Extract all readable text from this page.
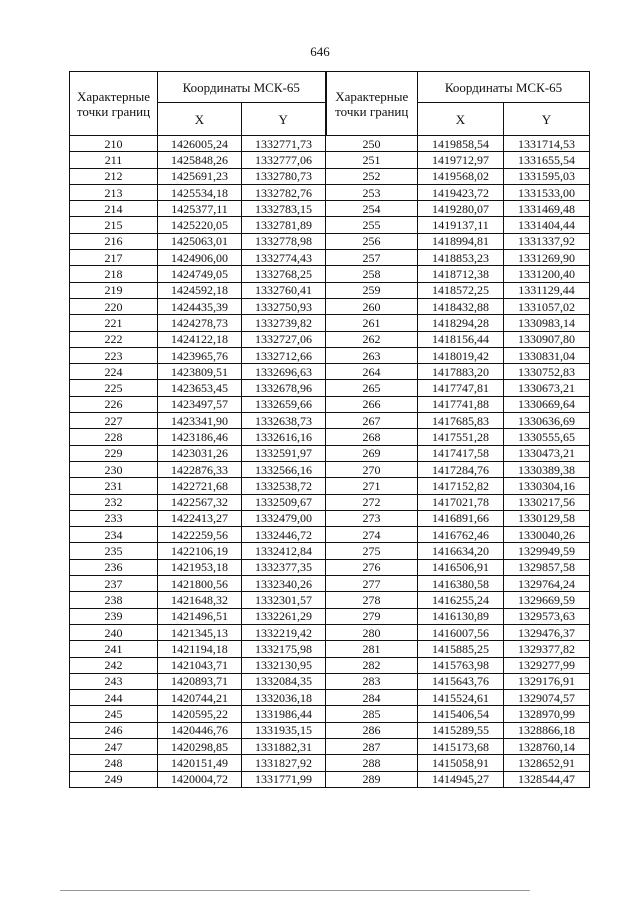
646
Характерные точки границ	Координаты МСК-65		Характерные точки границ	Координаты МСК-65	
	X	Y		X	Y
210	1426005,24	1332771,73	250	1419858,54	1331714,53
211	1425848,26	1332777,06	251	1419712,97	1331655,54
212	1425691,23	1332780,73	252	1419568,02	1331595,03
213	1425534,18	1332782,76	253	1419423,72	1331533,00
214	1425377,11	1332783,15	254	1419280,07	1331469,48
215	1425220,05	1332781,89	255	1419137,11	1331404,44
216	1425063,01	1332778,98	256	1418994,81	1331337,92
217	1424906,00	1332774,43	257	1418853,23	1331269,90
218	1424749,05	1332768,25	258	1418712,38	1331200,40
219	1424592,18	1332760,41	259	1418572,25	1331129,44
220	1424435,39	1332750,93	260	1418432,88	1331057,02
221	1424278,73	1332739,82	261	1418294,28	1330983,14
222	1424122,18	1332727,06	262	1418156,44	1330907,80
223	1423965,76	1332712,66	263	1418019,42	1330831,04
224	1423809,51	1332696,63	264	1417883,20	1330752,83
225	1423653,45	1332678,96	265	1417747,81	1330673,21
226	1423497,57	1332659,66	266	1417741,88	1330669,64
227	1423341,90	1332638,73	267	1417685,83	1330636,69
228	1423186,46	1332616,16	268	1417551,28	1330555,65
229	1423031,26	1332591,97	269	1417417,58	1330473,21
230	1422876,33	1332566,16	270	1417284,76	1330389,38
231	1422721,68	1332538,72	271	1417152,82	1330304,16
232	1422567,32	1332509,67	272	1417021,78	1330217,56
233	1422413,27	1332479,00	273	1416891,66	1330129,58
234	1422259,56	1332446,72	274	1416762,46	1330040,26
235	1422106,19	1332412,84	275	1416634,20	1329949,59
236	1421953,18	1332377,35	276	1416506,91	1329857,58
237	1421800,56	1332340,26	277	1416380,58	1329764,24
238	1421648,32	1332301,57	278	1416255,24	1329669,59
239	1421496,51	1332261,29	279	1416130,89	1329573,63
240	1421345,13	1332219,42	280	1416007,56	1329476,37
241	1421194,18	1332175,98	281	1415885,25	1329377,82
242	1421043,71	1332130,95	282	1415763,98	1329277,99
243	1420893,71	1332084,35	283	1415643,76	1329176,91
244	1420744,21	1332036,18	284	1415524,61	1329074,57
245	1420595,22	1331986,44	285	1415406,54	1328970,99
246	1420446,76	1331935,15	286	1415289,55	1328866,18
247	1420298,85	1331882,31	287	1415173,68	1328760,14
248	1420151,49	1331827,92	288	1415058,91	1328652,91
249	1420004,72	1331771,99	289	1414945,27	1328544,47
